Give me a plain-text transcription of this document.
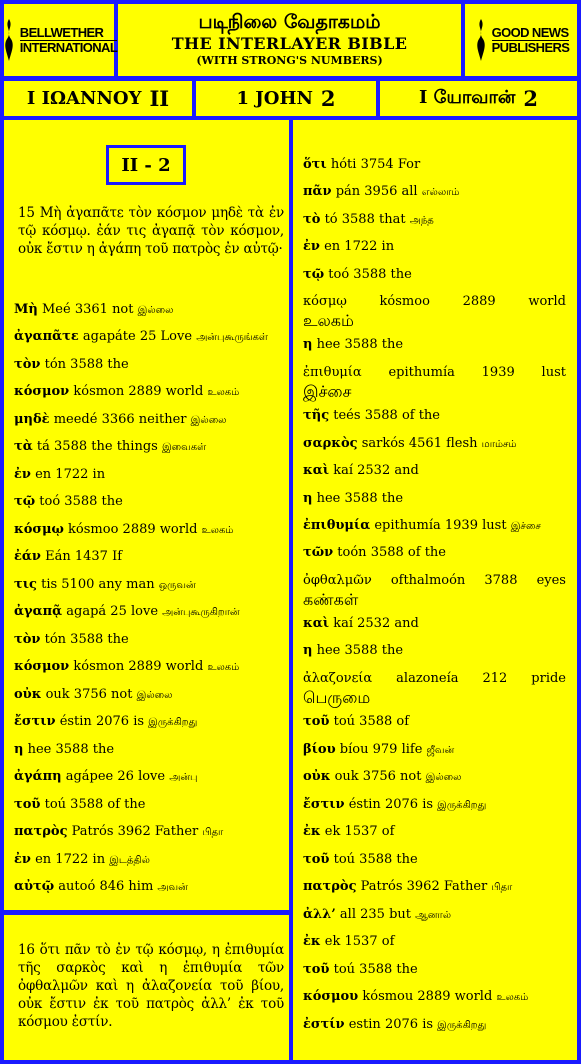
BELLWETHER
INTERNATIONAL
படிநிலை வேதாகமம்
THE INTERLAYER BIBLE
(WITH STRONG'S NUMBERS)
GOOD NEWS
PUBLISHERS
I ΙΩΑΝΝΟΥ II	1 JOHN 2	I யோவான் 2
II - 2
15 Μὴ ἀγαπᾶτε τὸν κόσμον μηδὲ τὰ ἐν τῷ κόσμῳ. ἐάν τις ἀγαπᾷ τὸν κόσμον, οὐκ ἔστιν η ἀγάπη τοῦ πατρὸς ἐν αὐτῷ·
Μὴ Meé 3361 not இல்லை
ἀγαπᾶτε agapáte 25 Love அன்புகூருங்கள்
τὸν tón 3588 the
κόσμον kósmon 2889 world உலகம்
μηδὲ meedé 3366 neither இல்லை
τὰ tá 3588 the things இவைகள்
ἐν en 1722 in
τῷ toó 3588 the
κόσμῳ kósmoo 2889 world உலகம்
ἐάν Eán 1437 If
τις tis 5100 any man ஒருவன்
ἀγαπᾷ agapá 25 love அன்புகூருகிறான்
τὸν tón 3588 the
κόσμον kósmon 2889 world உலகம்
οὐκ ouk 3756 not இல்லை
ἔστιν éstin 2076 is இருக்கிறது
η hee 3588 the
ἀγάπη agápee 26 love அன்பு
τοῦ toú 3588 of the
πατρὸς Patrós 3962 Father பிதா
ἐν en 1722 in இடத்தில்
αὐτῷ autoó 846 him அவன்
16 ὅτι πᾶν τὸ ἐν τῷ κόσμῳ, η ἐπιθυμία τῆς σαρκὸς καὶ η ἐπιθυμία τῶν ὀφθαλμῶν καὶ η ἀλαζονεία τοῦ βίου, οὐκ ἔστιν ἐκ τοῦ πατρὸς ἀλλ’ ἐκ τοῦ κόσμου ἐστίν.
ὅτι hóti 3754 For
πᾶν pán 3956 all எல்லாம்
τὸ tó 3588 that அந்த
ἐν en 1722 in
τῷ toó 3588 the
κόσμῳ	kósmoo	2889	world
உலகம்
η hee 3588 the
ἐπιθυμία epithumía 1939 lust
இச்சை
τῆς teés 3588 of the
σαρκὸς sarkós 4561 flesh மாம்சம்
καὶ kaí 2532 and
η hee 3588 the
ἐπιθυμία epithumía 1939 lust இச்சை
τῶν toón 3588 of the
ὀφθαλμῶν ofthalmoón 3788 eyes
கண்கள்
καὶ kaí 2532 and
η hee 3588 the
ἀλαζονεία alazoneía 212 pride
பெருமை
τοῦ toú 3588 of
βίου bíou 979 life ஜீவன்
οὐκ ouk 3756 not இல்லை
ἔστιν éstin 2076 is இருக்கிறது
ἐκ ek 1537 of
τοῦ toú 3588 the
πατρὸς Patrós 3962 Father பிதா
ἀλλ’ all 235 but ஆனால்
ἐκ ek 1537 of
τοῦ toú 3588 the
κόσμου kósmou 2889 world உலகம்
ἐστίν estin 2076 is இருக்கிறது
